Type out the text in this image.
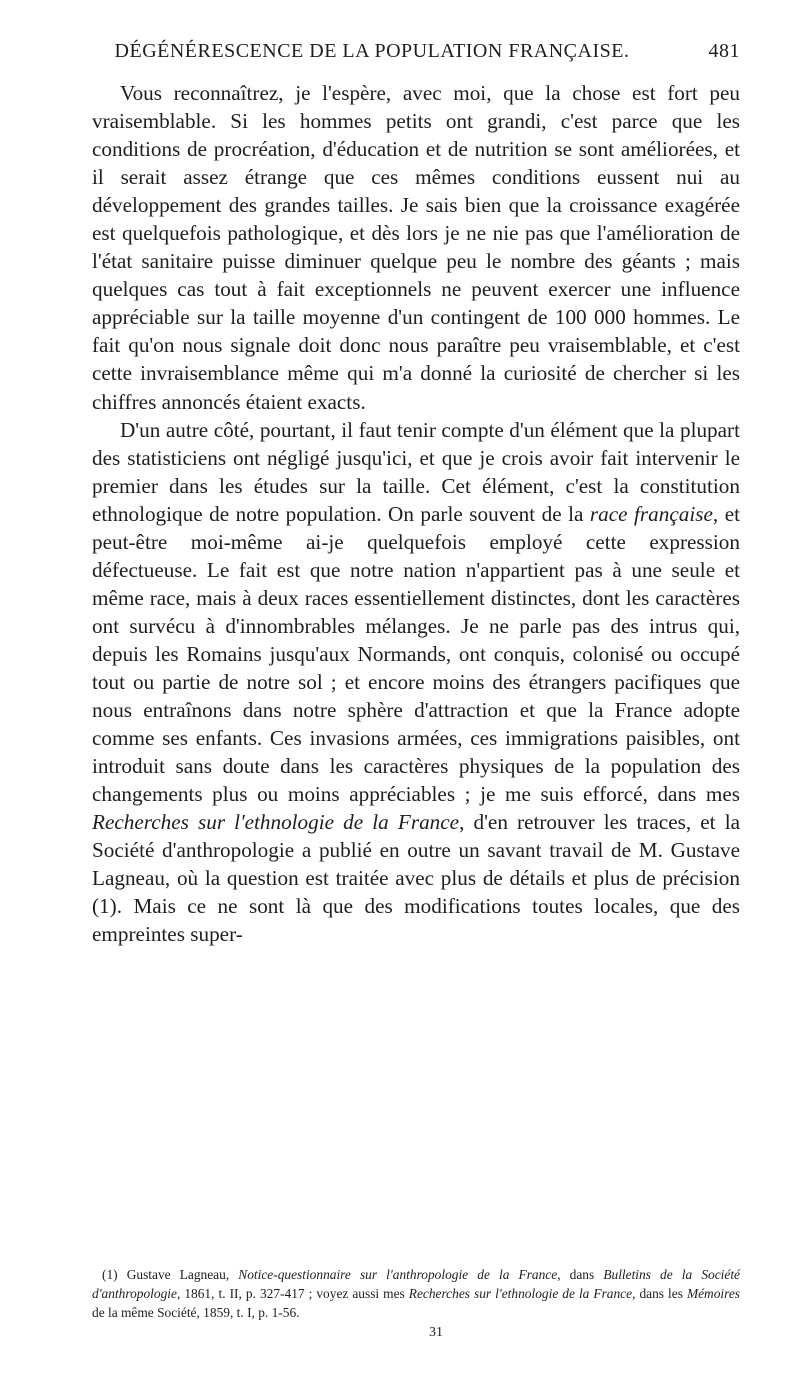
DÉGÉNÉRESCENCE DE LA POPULATION FRANÇAISE.	481

Vous reconnaîtrez, je l'espère, avec moi, que la chose est fort peu vraisemblable. Si les hommes petits ont grandi, c'est parce que les conditions de procréation, d'éducation et de nutrition se sont améliorées, et il serait assez étrange que ces mêmes conditions eussent nui au développement des grandes tailles. Je sais bien que la croissance exagérée est quelquefois pathologique, et dès lors je ne nie pas que l'amélioration de l'état sanitaire puisse diminuer quelque peu le nombre des géants ; mais quelques cas tout à fait exceptionnels ne peuvent exercer une influence appréciable sur la taille moyenne d'un contingent de 100 000 hommes. Le fait qu'on nous signale doit donc nous paraître peu vraisemblable, et c'est cette invraisemblance même qui m'a donné la curiosité de chercher si les chiffres annoncés étaient exacts.

D'un autre côté, pourtant, il faut tenir compte d'un élément que la plupart des statisticiens ont négligé jusqu'ici, et que je crois avoir fait intervenir le premier dans les études sur la taille. Cet élément, c'est la constitution ethnologique de notre population. On parle souvent de la race française, et peut-être moi-même ai-je quelquefois employé cette expression défectueuse. Le fait est que notre nation n'appartient pas à une seule et même race, mais à deux races essentiellement distinctes, dont les caractères ont survécu à d'innombrables mélanges. Je ne parle pas des intrus qui, depuis les Romains jusqu'aux Normands, ont conquis, colonisé ou occupé tout ou partie de notre sol ; et encore moins des étrangers pacifiques que nous entraînons dans notre sphère d'attraction et que la France adopte comme ses enfants. Ces invasions armées, ces immigrations paisibles, ont introduit sans doute dans les caractères physiques de la population des changements plus ou moins appréciables ; je me suis efforcé, dans mes Recherches sur l'ethnologie de la France, d'en retrouver les traces, et la Société d'anthropologie a publié en outre un savant travail de M. Gustave Lagneau, où la question est traitée avec plus de détails et plus de précision (1). Mais ce ne sont là que des modifications toutes locales, que des empreintes super-

(1) Gustave Lagneau, Notice-questionnaire sur l'anthropologie de la France, dans Bulletins de la Société d'anthropologie, 1861, t. II, p. 327-417 ; voyez aussi mes Recherches sur l'ethnologie de la France, dans les Mémoires de la même Société, 1859, t. I, p. 1-56.
31
